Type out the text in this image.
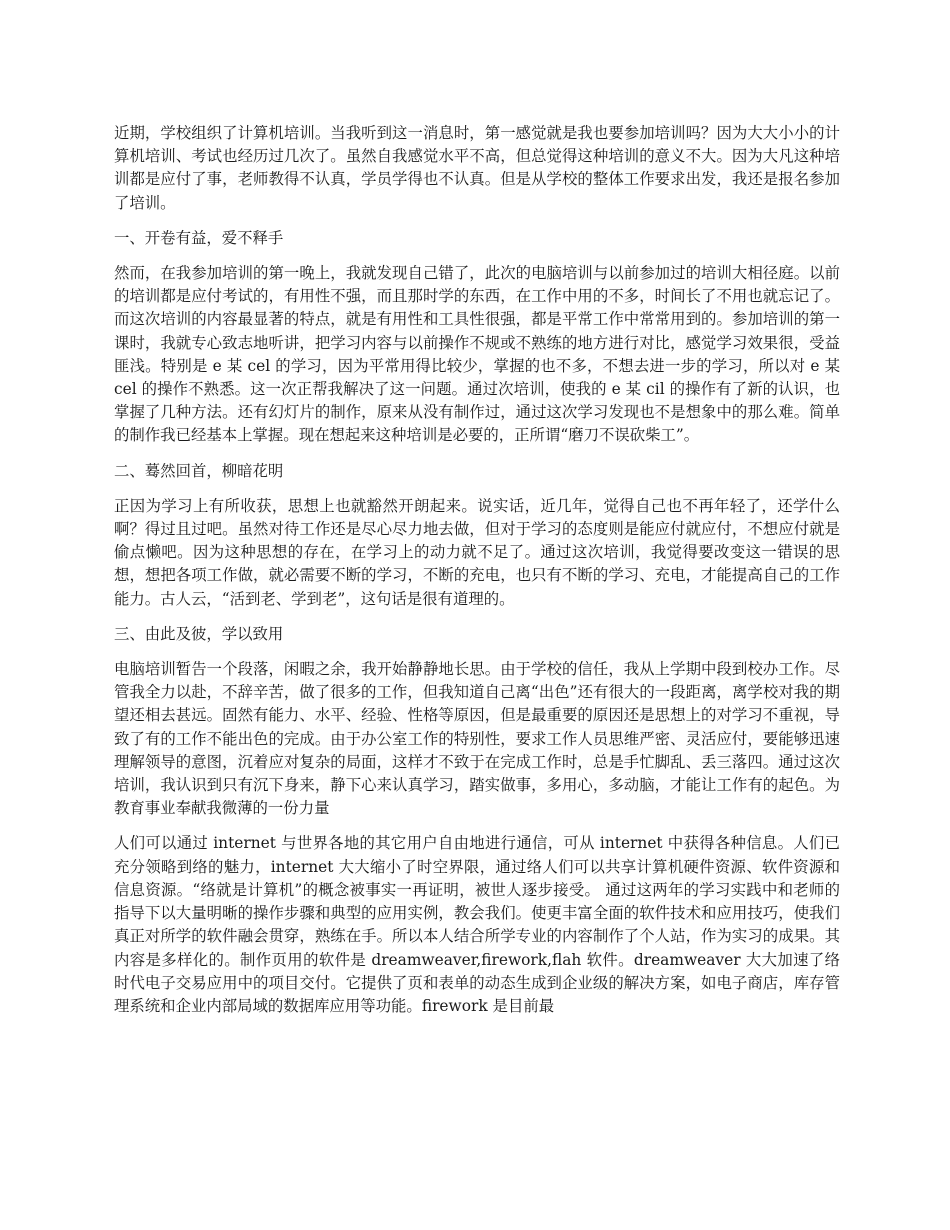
近期，学校组织了计算机培训。当我听到这一消息时，第一感觉就是我也要参加培训吗？因为大大小小的计算机培训、考试也经历过几次了。虽然自我感觉水平不高，但总觉得这种培训的意义不大。因为大凡这种培训都是应付了事，老师教得不认真，学员学得也不认真。但是从学校的整体工作要求出发，我还是报名参加了培训。

一、开卷有益，爱不释手

然而，在我参加培训的第一晚上，我就发现自己错了，此次的电脑培训与以前参加过的培训大相径庭。以前的培训都是应付考试的，有用性不强，而且那时学的东西，在工作中用的不多，时间长了不用也就忘记了。而这次培训的内容最显著的特点，就是有用性和工具性很强，都是平常工作中常常用到的。参加培训的第一课时，我就专心致志地听讲，把学习内容与以前操作不规或不熟练的地方进行对比，感觉学习效果很，受益匪浅。特别是 e 某 cel 的学习，因为平常用得比较少，掌握的也不多，不想去进一步的学习，所以对 e 某 cel 的操作不熟悉。这一次正帮我解决了这一问题。通过次培训，使我的 e 某 cil 的操作有了新的认识，也掌握了几种方法。还有幻灯片的制作，原来从没有制作过，通过这次学习发现也不是想象中的那么难。简单的制作我已经基本上掌握。现在想起来这种培训是必要的，正所谓“磨刀不误砍柴工”。

二、蓦然回首，柳暗花明

正因为学习上有所收获，思想上也就豁然开朗起来。说实话，近几年，觉得自己也不再年轻了，还学什么啊？得过且过吧。虽然对待工作还是尽心尽力地去做，但对于学习的态度则是能应付就应付，不想应付就是偷点懒吧。因为这种思想的存在，在学习上的动力就不足了。通过这次培训，我觉得要改变这一错误的思想，想把各项工作做，就必需要不断的学习，不断的充电，也只有不断的学习、充电，才能提高自己的工作能力。古人云，“活到老、学到老”，这句话是很有道理的。

三、由此及彼，学以致用

电脑培训暂告一个段落，闲暇之余，我开始静静地长思。由于学校的信任，我从上学期中段到校办工作。尽管我全力以赴，不辞辛苦，做了很多的工作，但我知道自己离“出色”还有很大的一段距离，离学校对我的期望还相去甚远。固然有能力、水平、经验、性格等原因，但是最重要的原因还是思想上的对学习不重视，导致了有的工作不能出色的完成。由于办公室工作的特别性，要求工作人员思维严密、灵活应付，要能够迅速理解领导的意图，沉着应对复杂的局面，这样才不致于在完成工作时，总是手忙脚乱、丢三落四。通过这次培训，我认识到只有沉下身来，静下心来认真学习，踏实做事，多用心，多动脑，才能让工作有的起色。为教育事业奉献我微薄的一份力量

人们可以通过 internet 与世界各地的其它用户自由地进行通信，可从 internet 中获得各种信息。人们已充分领略到络的魅力，internet 大大缩小了时空界限，通过络人们可以共享计算机硬件资源、软件资源和信息资源。“络就是计算机”的概念被事实一再证明，被世人逐步接受。 通过这两年的学习实践中和老师的指导下以大量明晰的操作步骤和典型的应用实例，教会我们。使更丰富全面的软件技术和应用技巧，使我们真正对所学的软件融会贯穿，熟练在手。所以本人结合所学专业的内容制作了个人站，作为实习的成果。其内容是多样化的。制作页用的软件是 dreamweaver,firework,flah 软件。dreamweaver 大大加速了络时代电子交易应用中的项目交付。它提供了页和表单的动态生成到企业级的解决方案，如电子商店，库存管理系统和企业内部局域的数据库应用等功能。firework 是目前最
